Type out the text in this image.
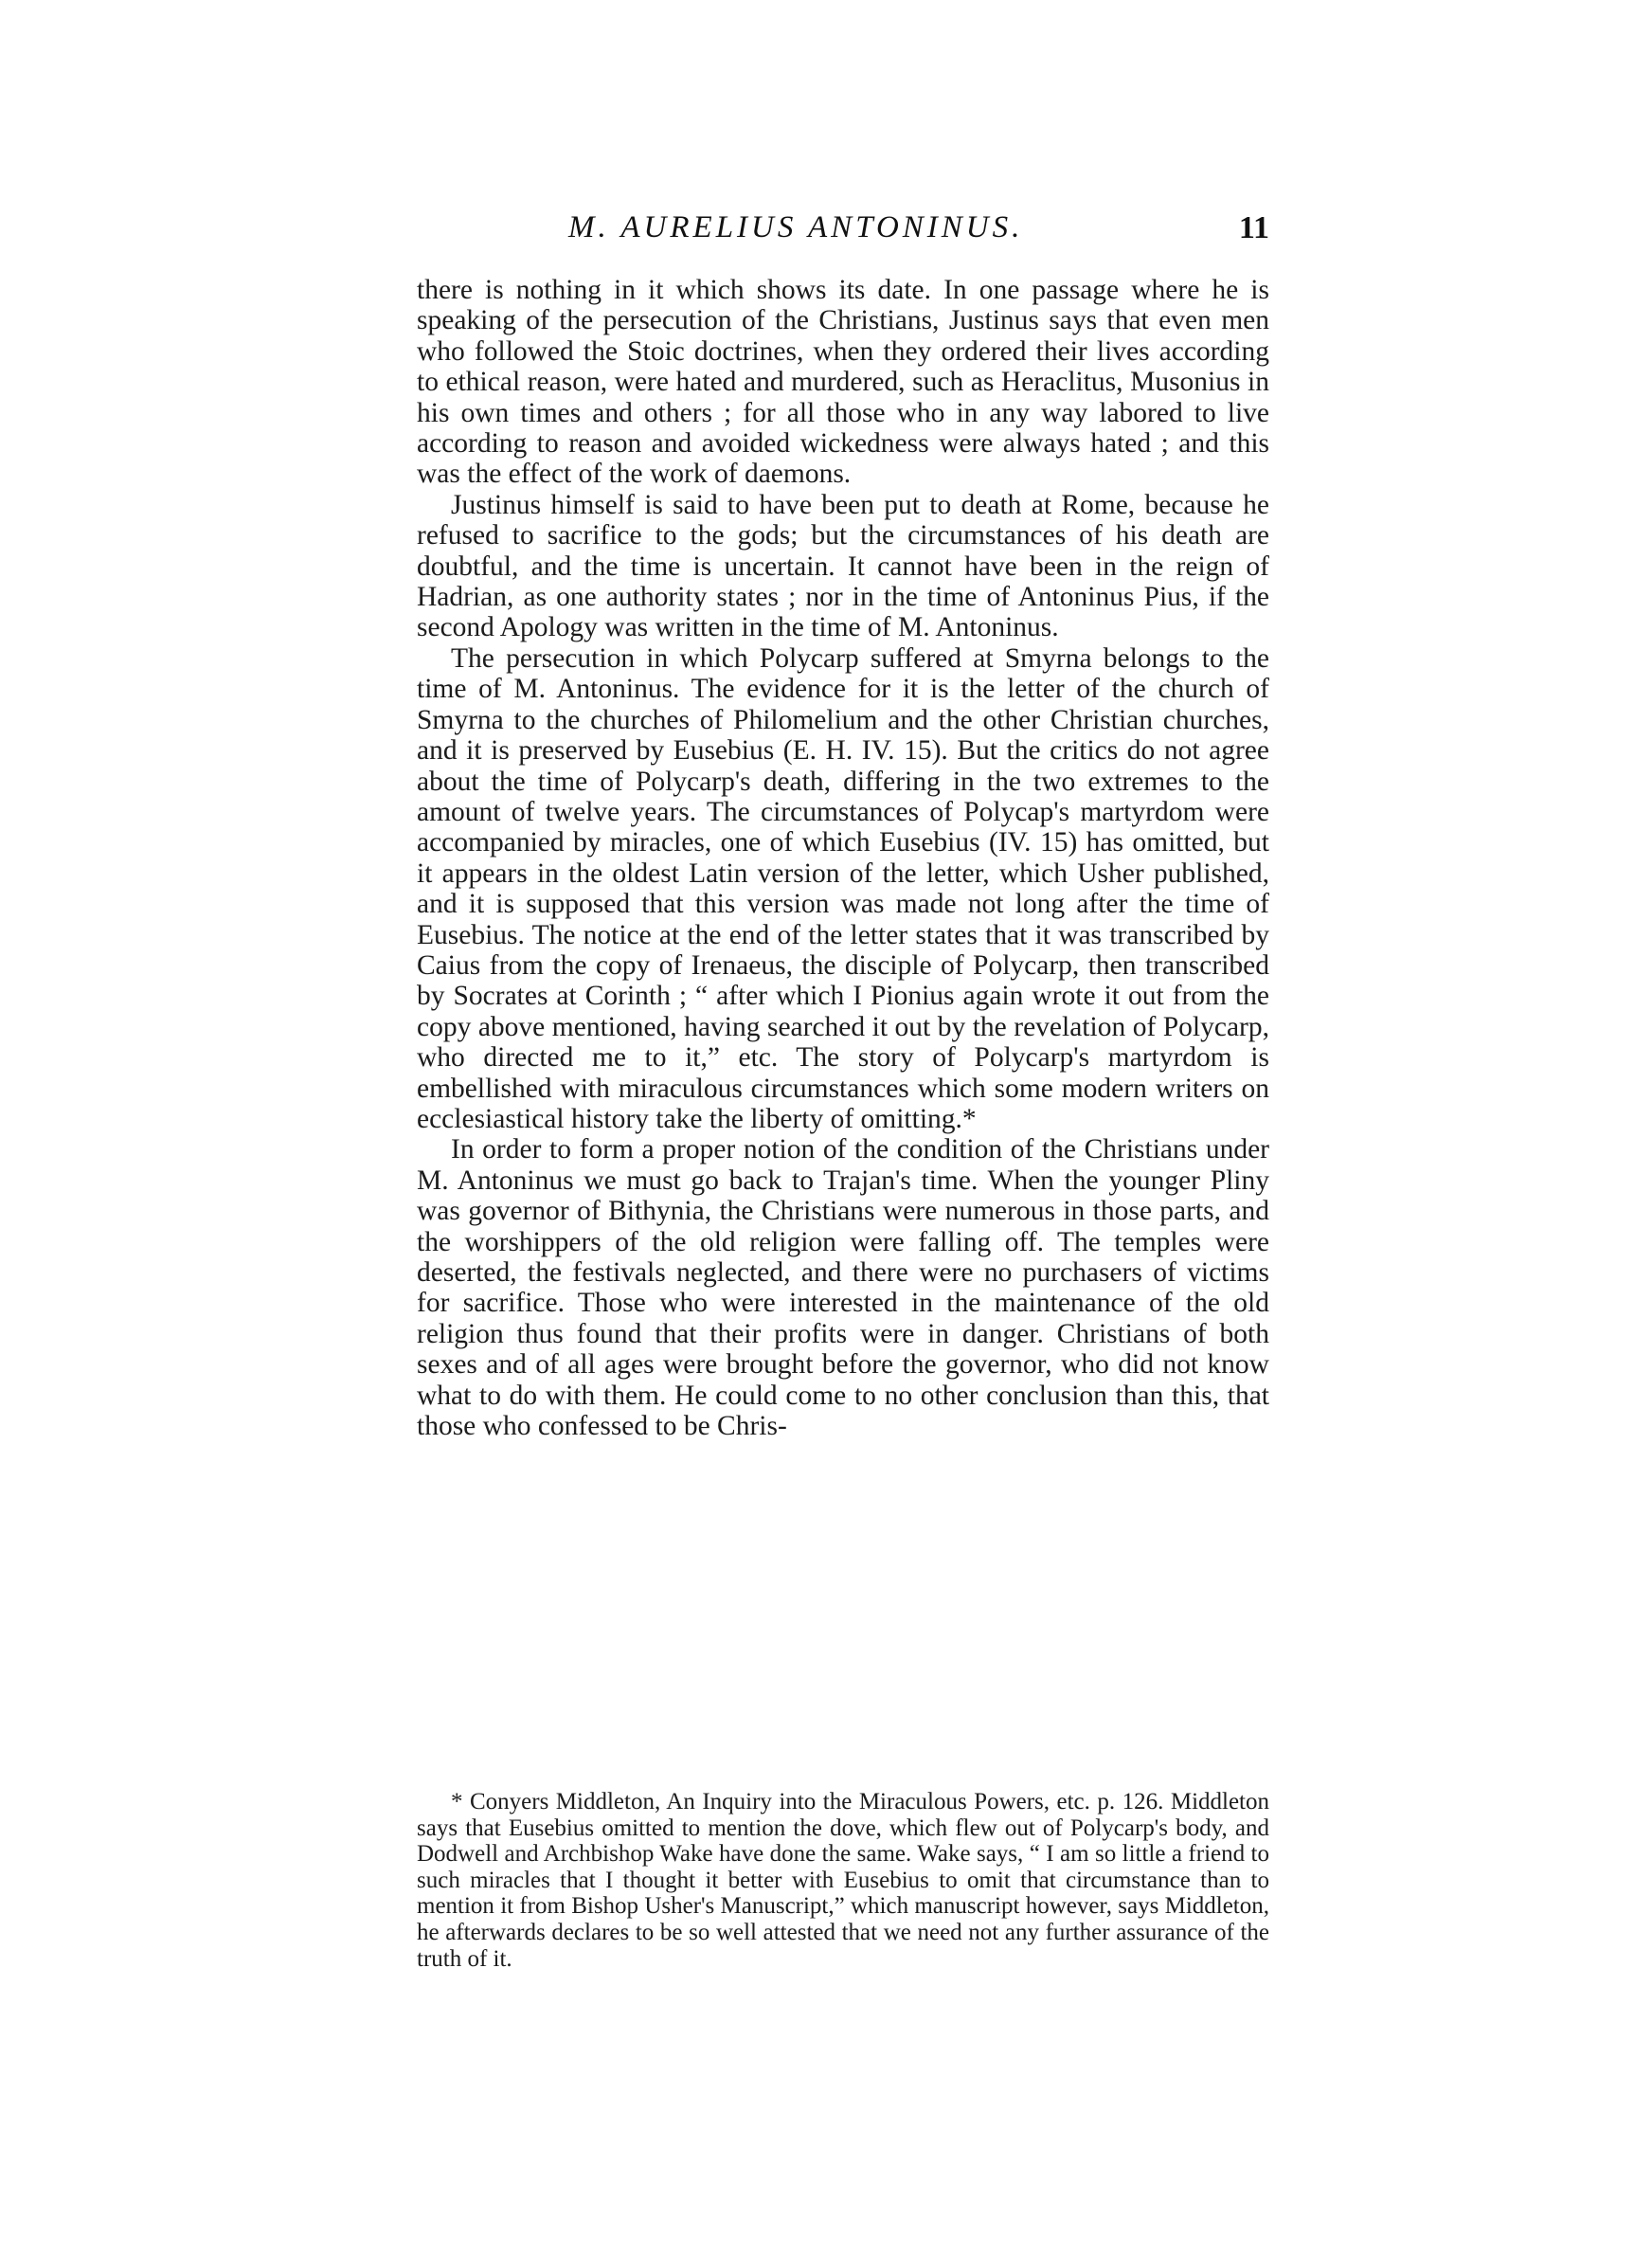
M. AURELIUS ANTONINUS.	11

there is nothing in it which shows its date. In one passage where he is speaking of the persecution of the Christians, Justinus says that even men who followed the Stoic doctrines, when they ordered their lives according to ethical reason, were hated and murdered, such as Heraclitus, Musonius in his own times and others ; for all those who in any way labored to live according to reason and avoided wickedness were always hated ; and this was the effect of the work of daemons.

Justinus himself is said to have been put to death at Rome, because he refused to sacrifice to the gods; but the circumstances of his death are doubtful, and the time is uncertain. It cannot have been in the reign of Hadrian, as one authority states ; nor in the time of Antoninus Pius, if the second Apology was written in the time of M. Antoninus.

The persecution in which Polycarp suffered at Smyrna belongs to the time of M. Antoninus. The evidence for it is the letter of the church of Smyrna to the churches of Philomelium and the other Christian churches, and it is preserved by Eusebius (E. H. IV. 15). But the critics do not agree about the time of Polycarp's death, differing in the two extremes to the amount of twelve years. The circumstances of Polycap's martyrdom were accompanied by miracles, one of which Eusebius (IV. 15) has omitted, but it appears in the oldest Latin version of the letter, which Usher published, and it is supposed that this version was made not long after the time of Eusebius. The notice at the end of the letter states that it was transcribed by Caius from the copy of Irenaeus, the disciple of Polycarp, then transcribed by Socrates at Corinth ; “ after which I Pionius again wrote it out from the copy above mentioned, having searched it out by the revelation of Polycarp, who directed me to it,” etc. The story of Polycarp's martyrdom is embellished with miraculous circumstances which some modern writers on ecclesiastical history take the liberty of omitting.*

In order to form a proper notion of the condition of the Christians under M. Antoninus we must go back to Trajan's time. When the younger Pliny was governor of Bithynia, the Christians were numerous in those parts, and the worshippers of the old religion were falling off. The temples were deserted, the festivals neglected, and there were no purchasers of victims for sacrifice. Those who were interested in the maintenance of the old religion thus found that their profits were in danger. Christians of both sexes and of all ages were brought before the governor, who did not know what to do with them. He could come to no other conclusion than this, that those who confessed to be Chris-

* Conyers Middleton, An Inquiry into the Miraculous Powers, etc. p. 126. Middleton says that Eusebius omitted to mention the dove, which flew out of Polycarp's body, and Dodwell and Archbishop Wake have done the same. Wake says, “ I am so little a friend to such miracles that I thought it better with Eusebius to omit that circumstance than to mention it from Bishop Usher's Manuscript,” which manuscript however, says Middleton, he afterwards declares to be so well attested that we need not any further assurance of the truth of it.
